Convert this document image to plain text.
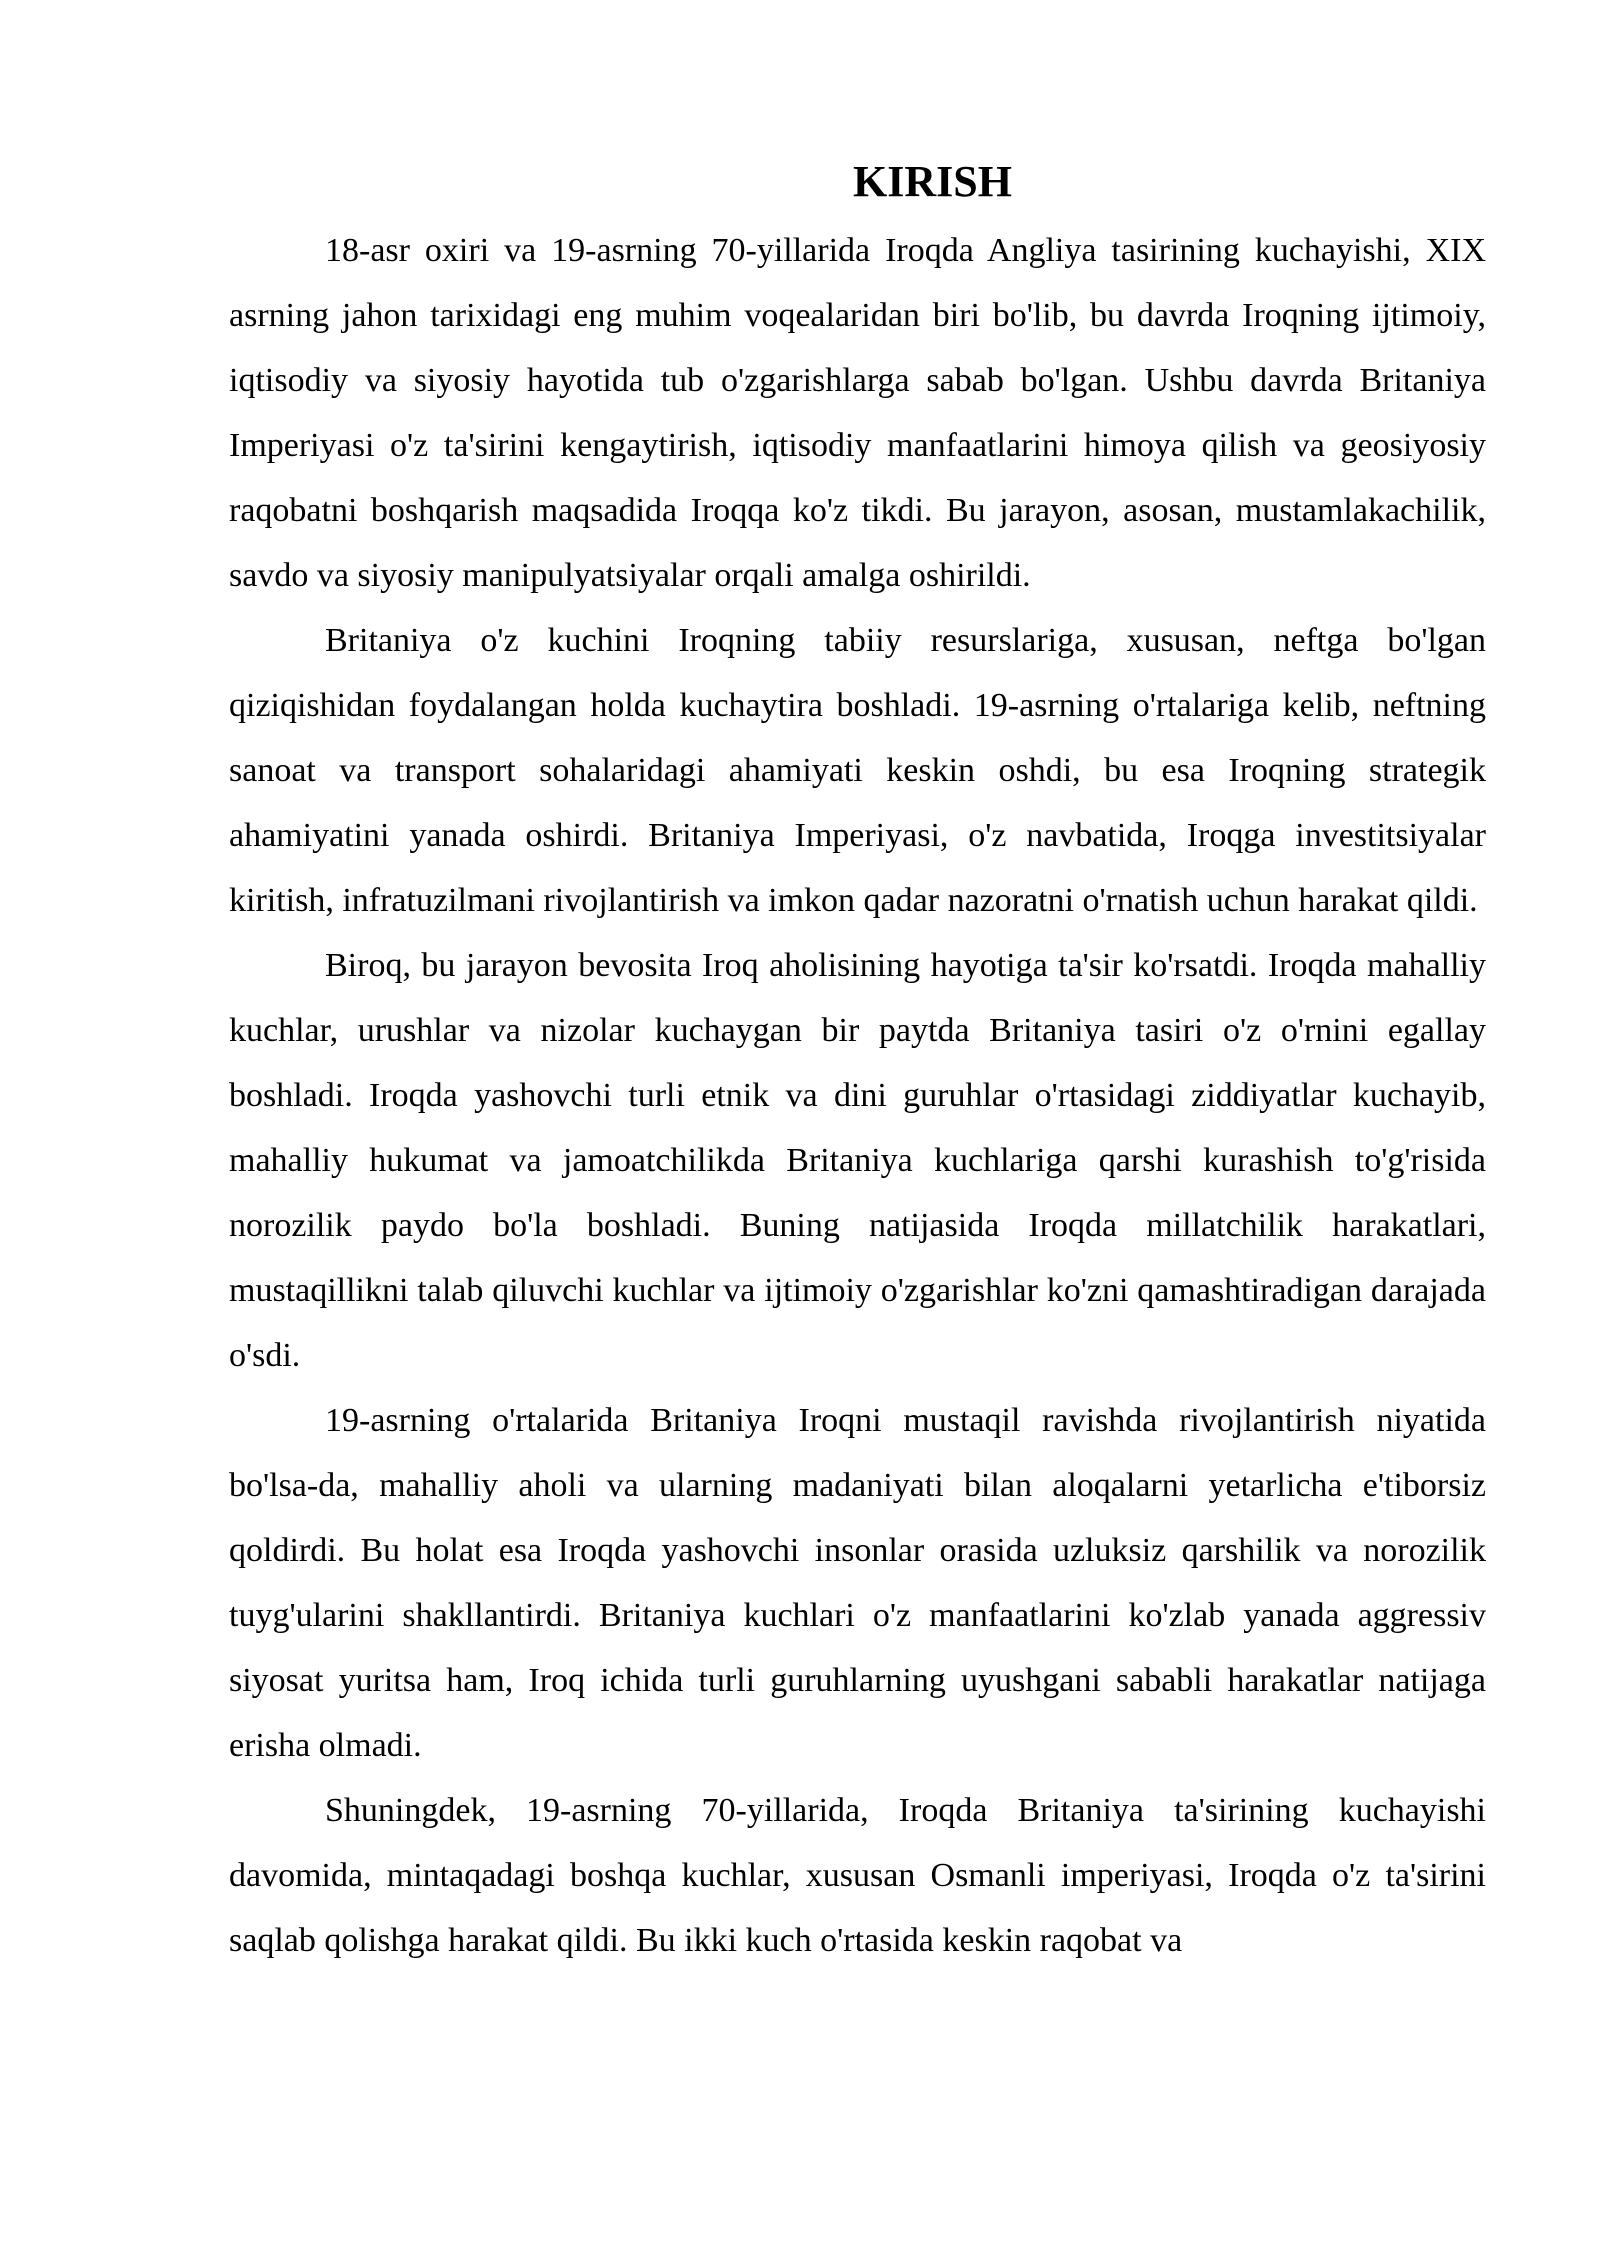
KIRISH

18-asr oxiri va 19-asrning 70-yillarida Iroqda Angliya tasirining kuchayishi, XIX asrning jahon tarixidagi eng muhim voqealaridan biri bo'lib, bu davrda Iroqning ijtimoiy, iqtisodiy va siyosiy hayotida tub o'zgarishlarga sabab bo'lgan. Ushbu davrda Britaniya Imperiyasi o'z ta'sirini kengaytirish, iqtisodiy manfaatlarini himoya qilish va geosiyosiy raqobatni boshqarish maqsadida Iroqqa ko'z tikdi. Bu jarayon, asosan, mustamlakachilik, savdo va siyosiy manipulyatsiyalar orqali amalga oshirildi.

Britaniya o'z kuchini Iroqning tabiiy resurslariga, xususan, neftga bo'lgan qiziqishidan foydalangan holda kuchaytira boshladi. 19-asrning o'rtalariga kelib, neftning sanoat va transport sohalaridagi ahamiyati keskin oshdi, bu esa Iroqning strategik ahamiyatini yanada oshirdi. Britaniya Imperiyasi, o'z navbatida, Iroqga investitsiyalar kiritish, infratuzilmani rivojlantirish va imkon qadar nazoratni o'rnatish uchun harakat qildi.

Biroq, bu jarayon bevosita Iroq aholisining hayotiga ta'sir ko'rsatdi. Iroqda mahalliy kuchlar, urushlar va nizolar kuchaygan bir paytda Britaniya tasiri o'z o'rnini egallay boshladi. Iroqda yashovchi turli etnik va dini guruhlar o'rtasidagi ziddiyatlar kuchayib, mahalliy hukumat va jamoatchilikda Britaniya kuchlariga qarshi kurashish to'g'risida norozilik paydo bo'la boshladi. Buning natijasida Iroqda millatchilik harakatlari, mustaqillikni talab qiluvchi kuchlar va ijtimoiy o'zgarishlar ko'zni qamashtiradigan darajada o'sdi.

19-asrning o'rtalarida Britaniya Iroqni mustaqil ravishda rivojlantirish niyatida bo'lsa-da, mahalliy aholi va ularning madaniyati bilan aloqalarni yetarlicha e'tiborsiz qoldirdi. Bu holat esa Iroqda yashovchi insonlar orasida uzluksiz qarshilik va norozilik tuyg'ularini shakllantirdi. Britaniya kuchlari o'z manfaatlarini ko'zlab yanada aggressiv siyosat yuritsa ham, Iroq ichida turli guruhlarning uyushgani sababli harakatlar natijaga erisha olmadi.

Shuningdek, 19-asrning 70-yillarida, Iroqda Britaniya ta'sirining kuchayishi davomida, mintaqadagi boshqa kuchlar, xususan Osmanli imperiyasi, Iroqda o'z ta'sirini saqlab qolishga harakat qildi. Bu ikki kuch o'rtasida keskin raqobat va
